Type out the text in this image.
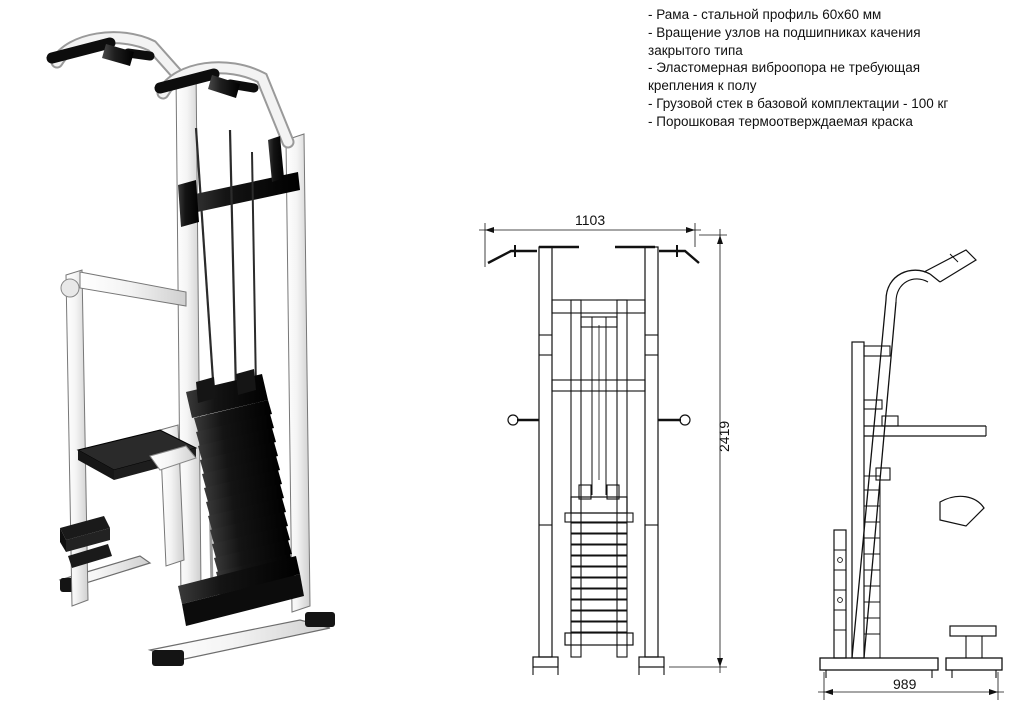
- Рама - стальной профиль 60х60 мм
- Вращение узлов на подшипниках качения
закрытого типа
- Эластомерная виброопора не требующая
крепления к полу
- Грузовой стек в базовой комплектации - 100 кг
- Порошковая термоотверждаемая краска
1103
2419
989
